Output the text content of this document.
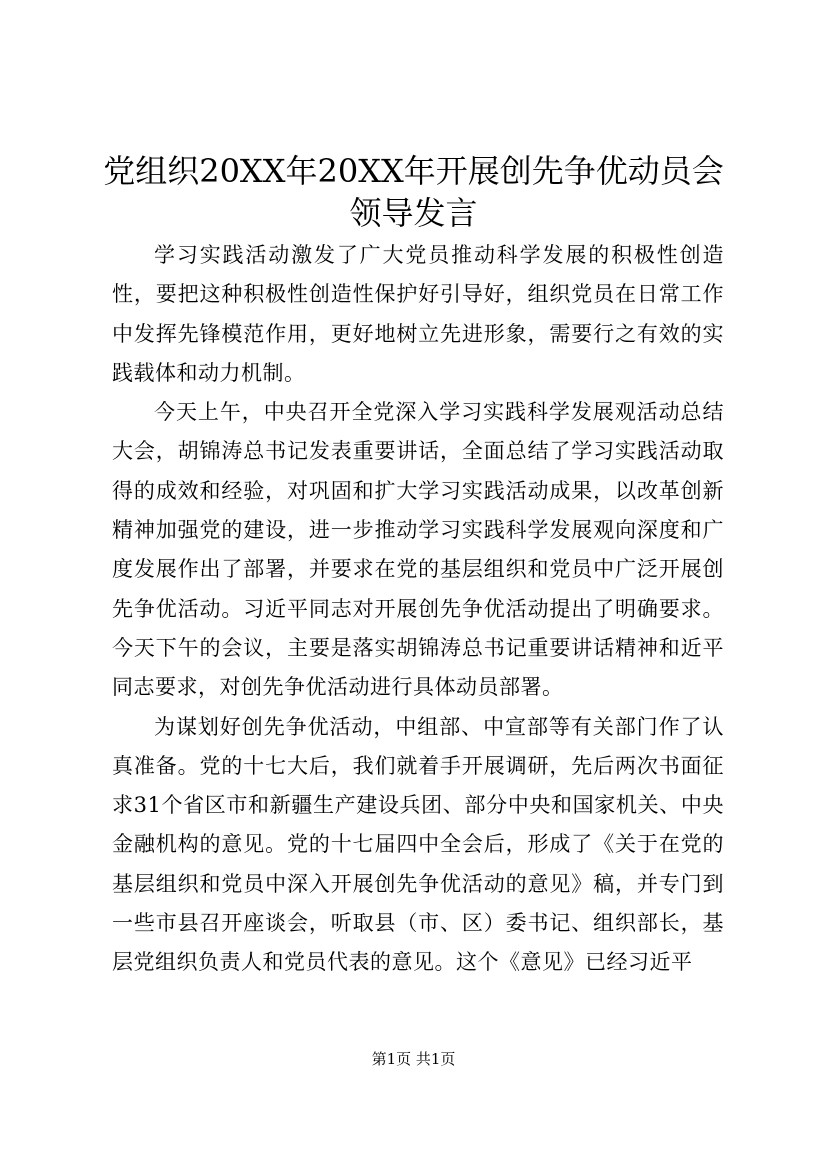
党组织20XX年20XX年开展创先争优动员会领导发言

学习实践活动激发了广大党员推动科学发展的积极性创造性，要把这种积极性创造性保护好引导好，组织党员在日常工作中发挥先锋模范作用，更好地树立先进形象，需要行之有效的实践载体和动力机制。

今天上午，中央召开全党深入学习实践科学发展观活动总结大会，胡锦涛总书记发表重要讲话，全面总结了学习实践活动取得的成效和经验，对巩固和扩大学习实践活动成果，以改革创新精神加强党的建设，进一步推动学习实践科学发展观向深度和广度发展作出了部署，并要求在党的基层组织和党员中广泛开展创先争优活动。习近平同志对开展创先争优活动提出了明确要求。今天下午的会议，主要是落实胡锦涛总书记重要讲话精神和近平同志要求，对创先争优活动进行具体动员部署。

为谋划好创先争优活动，中组部、中宣部等有关部门作了认真准备。党的十七大后，我们就着手开展调研，先后两次书面征求31个省区市和新疆生产建设兵团、部分中央和国家机关、中央金融机构的意见。党的十七届四中全会后，形成了《关于在党的基层组织和党员中深入开展创先争优活动的意见》稿，并专门到一些市县召开座谈会，听取县（市、区）委书记、组织部长，基层党组织负责人和党员代表的意见。这个《意见》已经习近平

第1页 共1页
